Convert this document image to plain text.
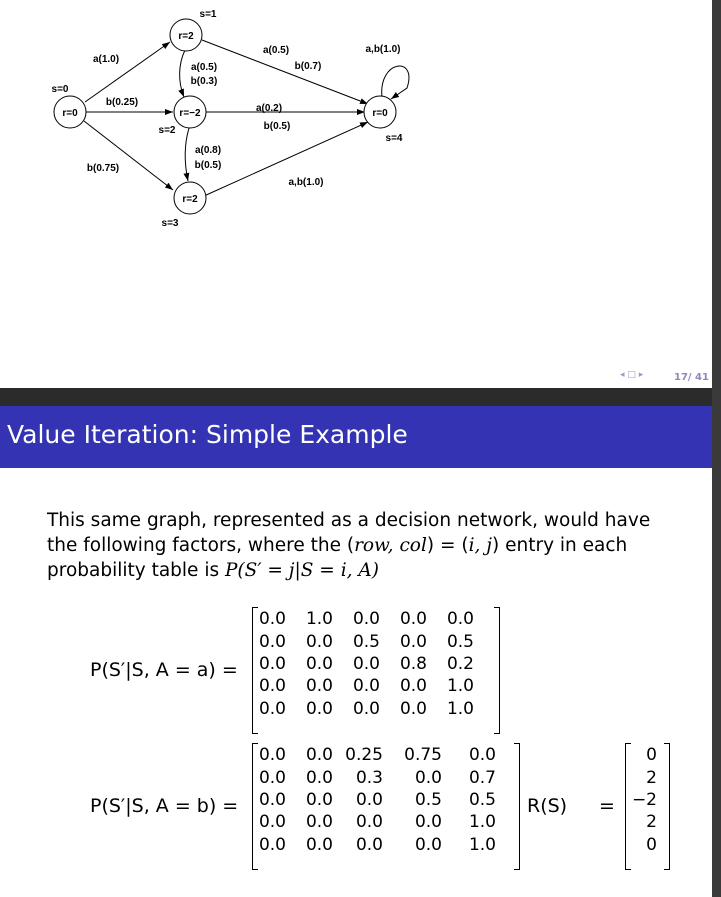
r=0
s=0
r=2
s=1
r=−2
s=2
r=2
s=3
r=0
s=4
a(1.0)
b(0.25)
b(0.75)
a(0.5)
b(0.3)
a(0.5)
b(0.7)
a(0.2)
b(0.5)
a(0.8)
b(0.5)
a,b(1.0)
a,b(1.0)
◂ □ ▸	17/ 41
Value Iteration: Simple Example
This same graph, represented as a decision network, would have
the following factors, where the (row, col) = (i, j) entry in each
probability table is P(S′ = j|S = i, A)
P(S′|S, A = a) =
0.0	1.0	0.0	0.0	0.0
0.0	0.0	0.5	0.0	0.5
0.0	0.0	0.0	0.8	0.2
0.0	0.0	0.0	0.0	1.0
0.0	0.0	0.0	0.0	1.0
P(S′|S, A = b) =
0.0	0.0 0.25	0.75	0.0
0.0	0.0	0.3	0.0	0.7
0.0	0.0	0.0	0.5	0.5
0.0	0.0	0.0	0.0	1.0
0.0	0.0	0.0	0.0	1.0
R(S) =
0
2
−2
2
0
